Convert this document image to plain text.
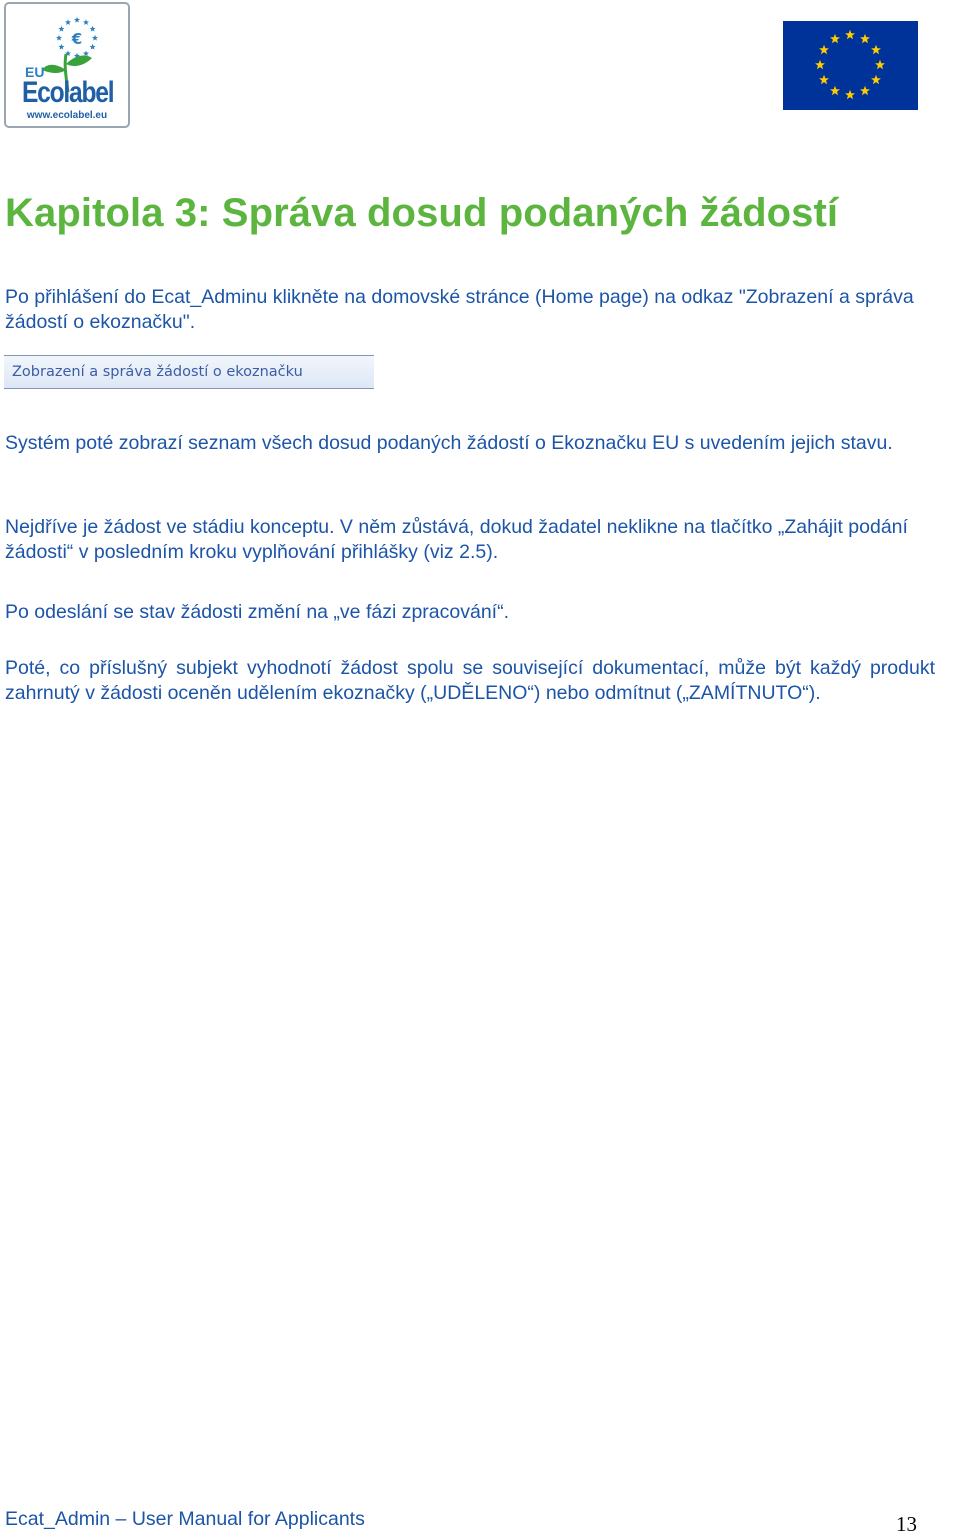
€
EU
Ecolabel
www.ecolabel.eu
Kapitola 3: Správa dosud podaných žádostí

Po přihlášení do Ecat_Adminu klikněte na domovské stránce (Home page) na odkaz "Zobrazení a správa žádostí o ekoznačku".

Zobrazení a správa žádostí o ekoznačku

Systém poté zobrazí seznam všech dosud podaných žádostí o Ekoznačku EU s uvedením jejich stavu.

Nejdříve je žádost ve stádiu konceptu. V něm zůstává, dokud žadatel neklikne na tlačítko „Zahájit podání žádosti“ v posledním kroku vyplňování přihlášky (viz 2.5).

Po odeslání se stav žádosti změní na „ve fázi zpracování“.

Poté, co příslušný subjekt vyhodnotí žádost spolu se související dokumentací, může být každý produkt zahrnutý v žádosti oceněn udělením ekoznačky („UDĚLENO“) nebo odmítnut („ZAMÍTNUTO“).

Ecat_Admin – User Manual for Applicants	13
